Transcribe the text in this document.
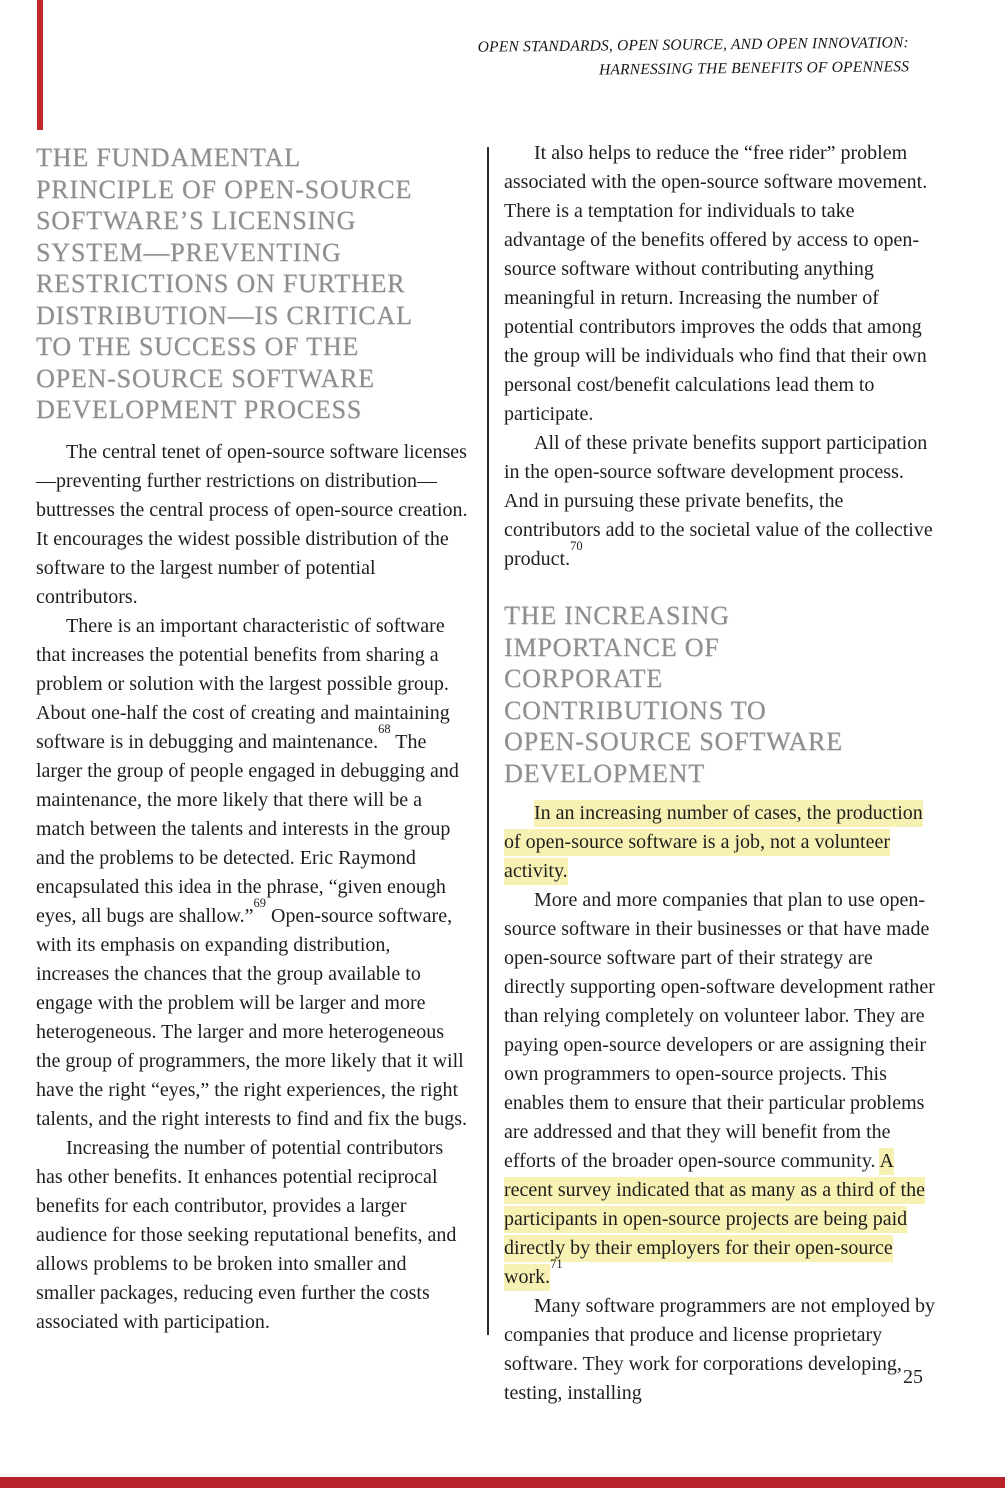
OPEN STANDARDS, OPEN SOURCE, AND OPEN INNOVATION:
HARNESSING THE BENEFITS OF OPENNESS
THE FUNDAMENTAL
PRINCIPLE OF OPEN-SOURCE
SOFTWARE’S LICENSING
SYSTEM—PREVENTING
RESTRICTIONS ON FURTHER
DISTRIBUTION—IS CRITICAL
TO THE SUCCESS OF THE
OPEN-SOURCE SOFTWARE
DEVELOPMENT PROCESS

The central tenet of open-source software licenses—preventing further restrictions on distribution—buttresses the central process of open-source creation. It encourages the widest possible distribution of the software to the largest number of potential contributors.

There is an important characteristic of software that increases the potential benefits from sharing a problem or solution with the largest possible group. About one-half the cost of creating and maintaining software is in debugging and maintenance.$^{68}$ The larger the group of people engaged in debugging and maintenance, the more likely that there will be a match between the talents and interests in the group and the problems to be detected. Eric Raymond encapsulated this idea in the phrase, “given enough eyes, all bugs are shallow.”$^{69}$ Open-source software, with its emphasis on expanding distribution, increases the chances that the group available to engage with the problem will be larger and more heterogeneous. The larger and more heterogeneous the group of programmers, the more likely that it will have the right “eyes,” the right experiences, the right talents, and the right interests to find and fix the bugs.

Increasing the number of potential contributors has other benefits. It enhances potential reciprocal benefits for each contributor, provides a larger audience for those seeking reputational benefits, and allows problems to be broken into smaller and smaller packages, reducing even further the costs associated with participation.

It also helps to reduce the “free rider” problem associated with the open-source software movement. There is a temptation for individuals to take advantage of the benefits offered by access to open-source software without contributing anything meaningful in return. Increasing the number of potential contributors improves the odds that among the group will be individuals who find that their own personal cost/benefit calculations lead them to participate.

All of these private benefits support participation in the open-source software development process. And in pursuing these private benefits, the contributors add to the societal value of the collective product.$^{70}$

THE INCREASING
IMPORTANCE OF
CORPORATE
CONTRIBUTIONS TO
OPEN-SOURCE SOFTWARE
DEVELOPMENT

In an increasing number of cases, the production of open-source software is a job, not a volunteer activity.

More and more companies that plan to use open-source software in their businesses or that have made open-source software part of their strategy are directly supporting open-software development rather than relying completely on volunteer labor. They are paying open-source developers or are assigning their own programmers to open-source projects. This enables them to ensure that their particular problems are addressed and that they will benefit from the efforts of the broader open-source community. A recent survey indicated that as many as a third of the participants in open-source projects are being paid directly by their employers for their open-source work.$^{71}$

Many software programmers are not employed by companies that produce and license proprietary software. They work for corporations developing, testing, installing

25
